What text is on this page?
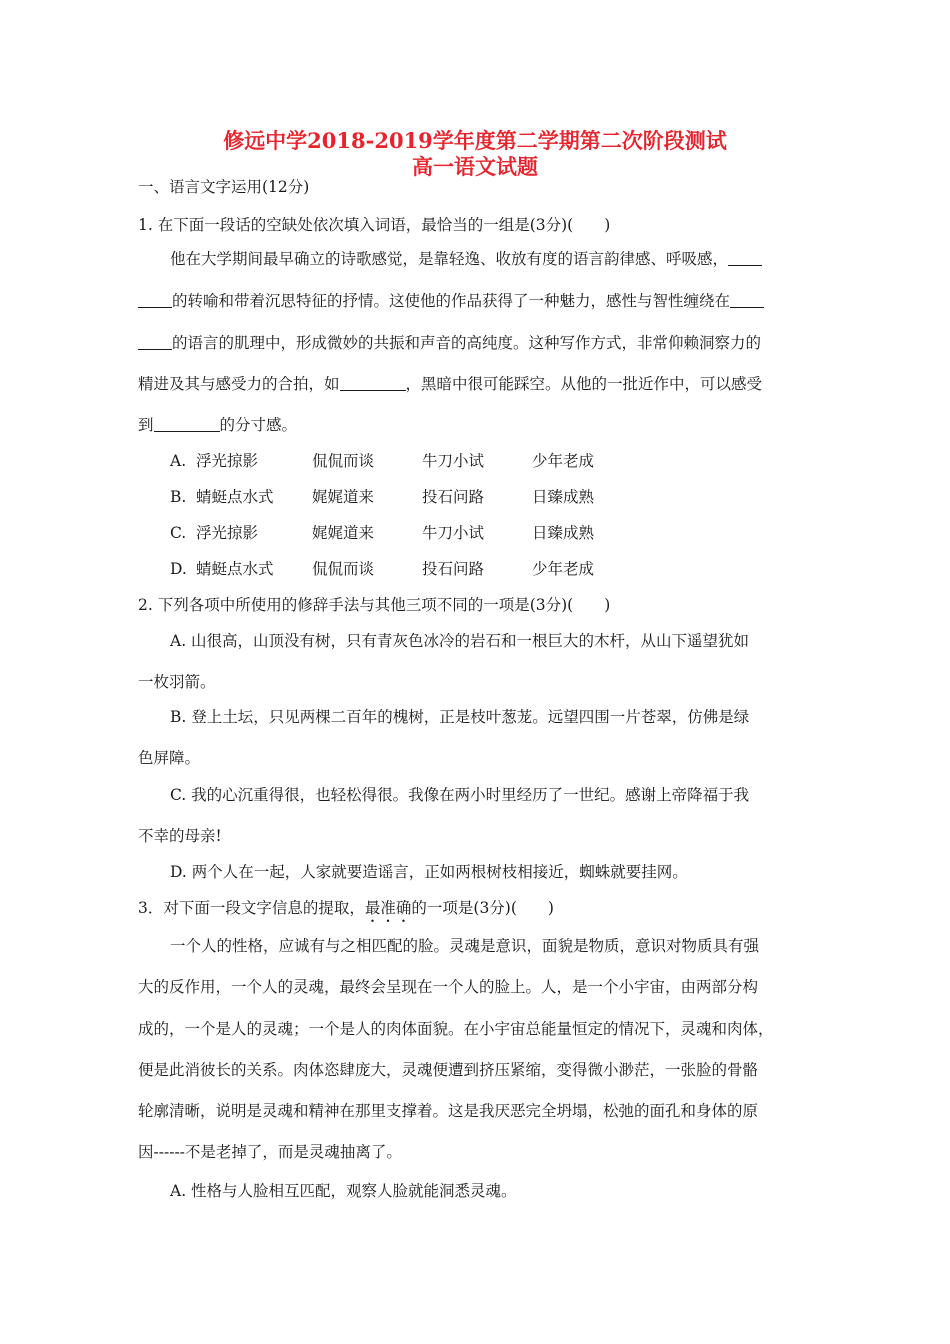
修远中学2018-2019学年度第二学期第二次阶段测试
高一语文试题
一、语言文字运用(12分)
1. 在下面一段话的空缺处依次填入词语，最恰当的一组是(3分)(　　)
他在大学期间最早确立的诗歌感觉，是靠轻逸、收放有度的语言韵律感、呼吸感，
的转喻和带着沉思特征的抒情。这使他的作品获得了一种魅力，感性与智性缠绕在
的语言的肌理中，形成微妙的共振和声音的高纯度。这种写作方式，非常仰赖洞察力的
精进及其与感受力的合拍，如	，黑暗中很可能踩空。从他的一批近作中，可以感受
到	的分寸感。
A. 浮光掠影	侃侃而谈	牛刀小试	少年老成
B. 蜻蜓点水式 娓娓道来	投石问路	日臻成熟
C. 浮光掠影	娓娓道来	牛刀小试	日臻成熟
D. 蜻蜓点水式 侃侃而谈	投石问路	少年老成
2. 下列各项中所使用的修辞手法与其他三项不同的一项是(3分)(　　)
A. 山很高，山顶没有树，只有青灰色冰冷的岩石和一根巨大的木杆，从山下遥望犹如
一枚羽箭。
B. 登上土坛，只见两棵二百年的槐树，正是枝叶葱茏。远望四围一片苍翠，仿佛是绿
色屏障。
C. 我的心沉重得很，也轻松得很。我像在两小时里经历了一世纪。感谢上帝降福于我
不幸的母亲!
D. 两个人在一起，人家就要造谣言，正如两根树枝相接近，蜘蛛就要挂网。
3．对下面一段文字信息的提取，最准确的一项是(3分)(　　)
一个人的性格，应诚有与之相匹配的脸。灵魂是意识，面貌是物质，意识对物质具有强
大的反作用，一个人的灵魂，最终会呈现在一个人的脸上。人，是一个小宇宙，由两部分构
成的，一个是人的灵魂；一个是人的肉体面貌。在小宇宙总能量恒定的情况下，灵魂和肉体，
便是此消彼长的关系。肉体恣肆庞大，灵魂便遭到挤压紧缩，变得微小渺茫，一张脸的骨骼
轮廓清晰，说明是灵魂和精神在那里支撑着。这是我厌恶完全坍塌，松弛的面孔和身体的原
因------不是老掉了，而是灵魂抽离了。
A. 性格与人脸相互匹配，观察人脸就能洞悉灵魂。
